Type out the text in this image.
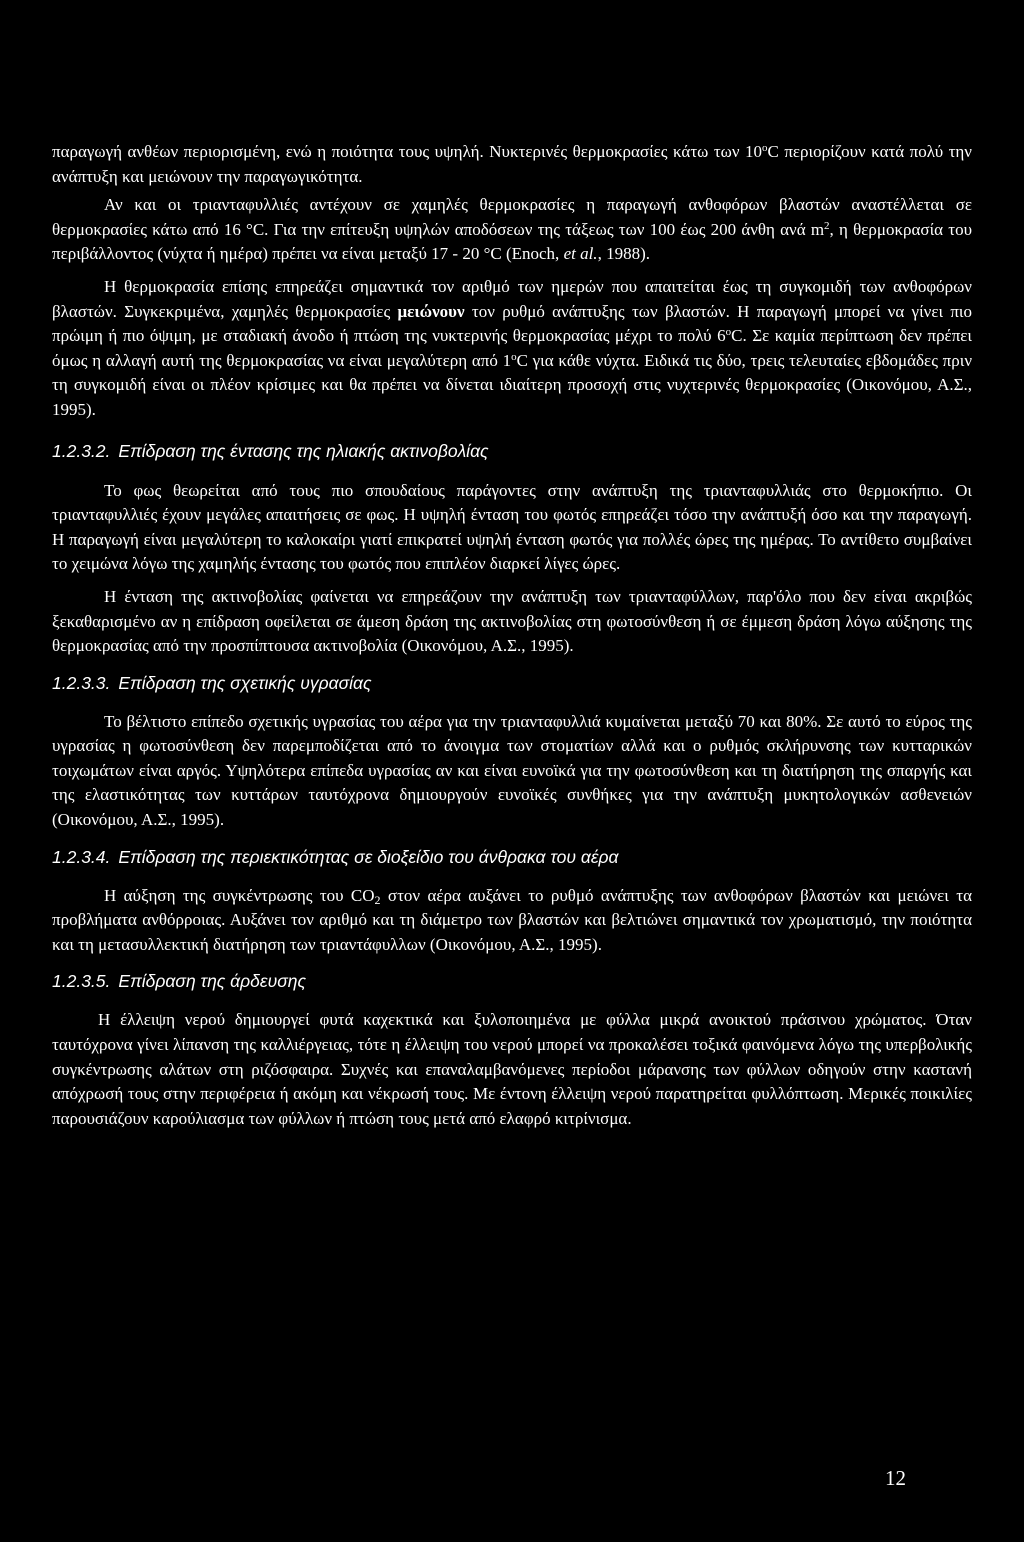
παραγωγή ανθέων περιορισμένη, ενώ η ποιότητα τους υψηλή. Νυκτερινές θερμοκρασίες κάτω των 10$^o$C περιορίζουν κατά πολύ την ανάπτυξη και μειώνουν την παραγωγικότητα.

Αν και οι τριανταφυλλιές αντέχουν σε χαμηλές θερμοκρασίες η παραγωγή ανθοφόρων βλαστών αναστέλλεται σε θερμοκρασίες κάτω από 16 °C. Για την επίτευξη υψηλών αποδόσεων της τάξεως των 100 έως 200 άνθη ανά $m^2$, η θερμοκρασία του περιβάλλοντος (νύχτα ή ημέρα) πρέπει να είναι μεταξύ 17 - 20 °C (Enoch, et al., 1988).

Η θερμοκρασία επίσης επηρεάζει σημαντικά τον αριθμό των ημερών που απαιτείται έως τη συγκομιδή των ανθοφόρων βλαστών. Συγκεκριμένα, χαμηλές θερμοκρασίες μειώνουν τον ρυθμό ανάπτυξης των βλαστών. Η παραγωγή μπορεί να γίνει πιο πρώιμη ή πιο όψιμη, με σταδιακή άνοδο ή πτώση της νυκτερινής θερμοκρασίας μέχρι το πολύ 6$^o$C. Σε καμία περίπτωση δεν πρέπει όμως η αλλαγή αυτή της θερμοκρασίας να είναι μεγαλύτερη από 1$^o$C για κάθε νύχτα. Ειδικά τις δύο, τρεις τελευταίες εβδομάδες πριν τη συγκομιδή είναι οι πλέον κρίσιμες και θα πρέπει να δίνεται ιδιαίτερη προσοχή στις νυχτερινές θερμοκρασίες (Οικονόμου, Α.Σ., 1995).

1.2.3.2. Επίδραση της έντασης της ηλιακής ακτινοβολίας

Το φως θεωρείται από τους πιο σπουδαίους παράγοντες στην ανάπτυξη της τριανταφυλλιάς στο θερμοκήπιο. Οι τριανταφυλλιές έχουν μεγάλες απαιτήσεις σε φως. Η υψηλή ένταση του φωτός επηρεάζει τόσο την ανάπτυξή όσο και την παραγωγή. Η παραγωγή είναι μεγαλύτερη το καλοκαίρι γιατί επικρατεί υψηλή ένταση φωτός για πολλές ώρες της ημέρας. Το αντίθετο συμβαίνει το χειμώνα λόγω της χαμηλής έντασης του φωτός που επιπλέον διαρκεί λίγες ώρες.

Η ένταση της ακτινοβολίας φαίνεται να επηρεάζουν την ανάπτυξη των τριανταφύλλων, παρ'όλο που δεν είναι ακριβώς ξεκαθαρισμένο αν η επίδραση οφείλεται σε άμεση δράση της ακτινοβολίας στη φωτοσύνθεση ή σε έμμεση δράση λόγω αύξησης της θερμοκρασίας από την προσπίπτουσα ακτινοβολία (Οικονόμου, Α.Σ., 1995).

1.2.3.3. Επίδραση της σχετικής υγρασίας

Το βέλτιστο επίπεδο σχετικής υγρασίας του αέρα για την τριανταφυλλιά κυμαίνεται μεταξύ 70 και 80%. Σε αυτό το εύρος της υγρασίας η φωτοσύνθεση δεν παρεμποδίζεται από το άνοιγμα των στοματίων αλλά και ο ρυθμός σκλήρυνσης των κυτταρικών τοιχωμάτων είναι αργός. Υψηλότερα επίπεδα υγρασίας αν και είναι ευνοϊκά για την φωτοσύνθεση και τη διατήρηση της σπαργής και της ελαστικότητας των κυττάρων ταυτόχρονα δημιουργούν ευνοϊκές συνθήκες για την ανάπτυξη μυκητολογικών ασθενειών (Οικονόμου, Α.Σ., 1995).

1.2.3.4. Επίδραση της περιεκτικότητας σε διοξείδιο του άνθρακα του αέρα

Η αύξηση της συγκέντρωσης του $CO_2$ στον αέρα αυξάνει το ρυθμό ανάπτυξης των ανθοφόρων βλαστών και μειώνει τα προβλήματα ανθόρροιας. Αυξάνει τον αριθμό και τη διάμετρο των βλαστών και βελτιώνει σημαντικά τον χρωματισμό, την ποιότητα και τη μετασυλλεκτική διατήρηση των τριαντάφυλλων (Οικονόμου, Α.Σ., 1995).

1.2.3.5. Επίδραση της άρδευσης

Η έλλειψη νερού δημιουργεί φυτά καχεκτικά και ξυλοποιημένα με φύλλα μικρά ανοικτού πράσινου χρώματος. Όταν ταυτόχρονα γίνει λίπανση της καλλιέργειας, τότε η έλλειψη του νερού μπορεί να προκαλέσει τοξικά φαινόμενα λόγω της υπερβολικής συγκέντρωσης αλάτων στη ριζόσφαιρα. Συχνές και επαναλαμβανόμενες περίοδοι μάρανσης των φύλλων οδηγούν στην καστανή απόχρωσή τους στην περιφέρεια ή ακόμη και νέκρωσή τους. Με έντονη έλλειψη νερού παρατηρείται φυλλόπτωση. Μερικές ποικιλίες παρουσιάζουν καρούλιασμα των φύλλων ή πτώση τους μετά από ελαφρό κιτρίνισμα.

12
